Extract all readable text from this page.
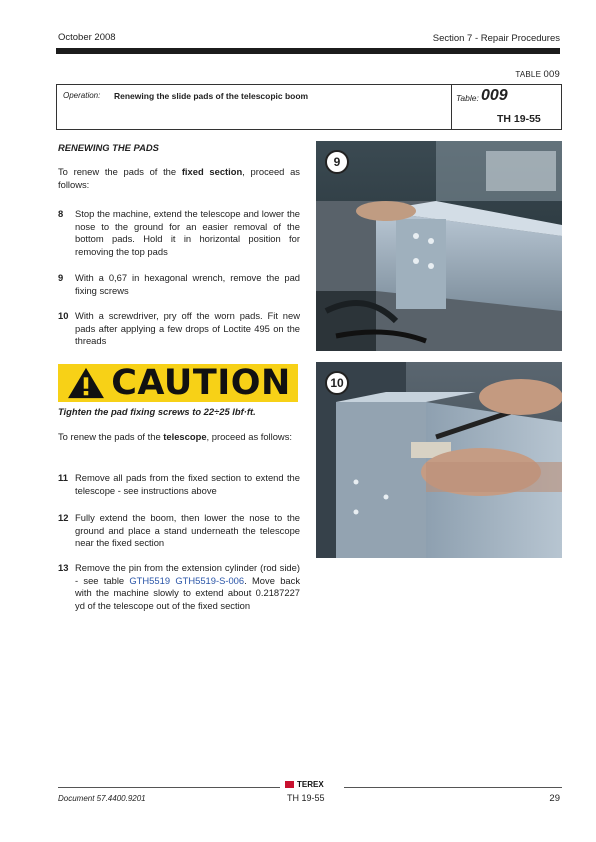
October 2008	Section 7 - Repair Procedures
TABLE 009
Operation: Renewing the slide pads of the telescopic boom	Table: 009
TH 19-55
RENEWING THE PADS

To renew the pads of the fixed section, proceed as follows:

8 Stop the machine, extend the telescope and lower the nose to the ground for an easier removal of the bottom pads. Hold it in horizontal position for removing the top pads
9 With a 0,67 in hexagonal wrench, remove the pad fixing screws
10 With a screwdriver, pry off the worn pads. Fit new pads after applying a few drops of Loctite 495 on the threads
CAUTION
Tighten the pad fixing screws to 22÷25 lbf·ft.

To renew the pads of the telescope, proceed as follows:

11 Remove all pads from the fixed section to extend the telescope - see instructions above
12 Fully extend the boom, then lower the nose to the ground and place a stand underneath the telescope near the fixed section
13 Remove the pin from the extension cylinder (rod side) - see table GTH5519 GTH5519-S-006. Move back with the machine slowly to extend about 0.2187227 yd of the telescope out of the fixed section
9
10
TEREX
Document 57.4400.9201	TH 19-55	29
